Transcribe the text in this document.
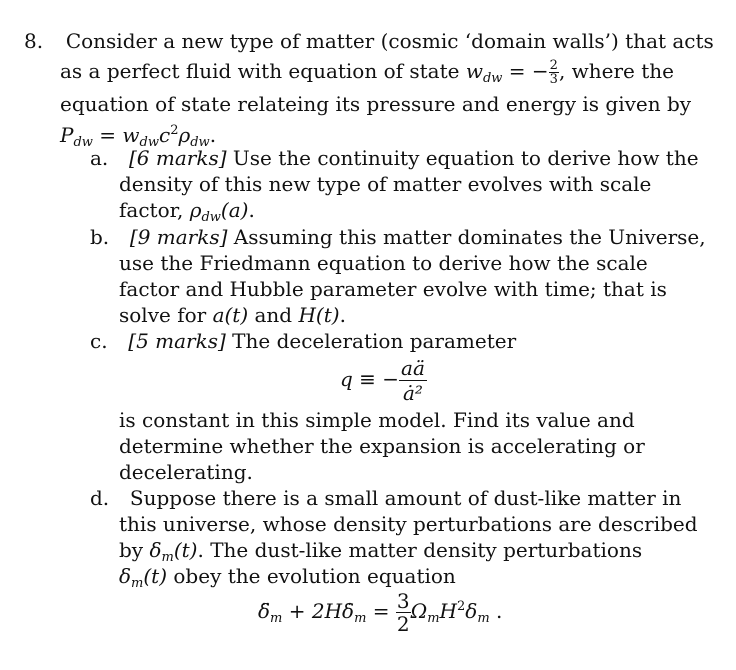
8. Consider a new type of matter (cosmic ‘domain walls’) that acts
as a perfect fluid with equation of state $w_{dw}$ = − $\frac{2}{3}$ , where the
equation of state relateing its pressure and energy is given by
$P_{dw} = w_{dw}c^2\rho_{dw}$.
a. [6 marks] Use the continuity equation to derive how the
density of this new type of matter evolves with scale
factor, $\rho_{dw}(a)$.
b. [9 marks] Assuming this matter dominates the Universe,
use the Friedmann equation to derive how the scale
factor and Hubble parameter evolve with time; that is
solve for a(t) and H(t).
c. [5 marks] The deceleration parameter
q ≡ − $\frac{aä}{\text{ȧ²}}$
is constant in this simple model. Find its value and
determine whether the expansion is accelerating or
decelerating.
d. Suppose there is a small amount of dust-like matter in
this universe, whose density perturbations are described
by $\delta_m(t)$. The dust-like matter density perturbations
$\delta_m(t)$ obey the evolution equation
$\deltä_m$ + $2H\deltȧ_m = \frac{3}{2} \Omega_mH^2\delta_m$ .
